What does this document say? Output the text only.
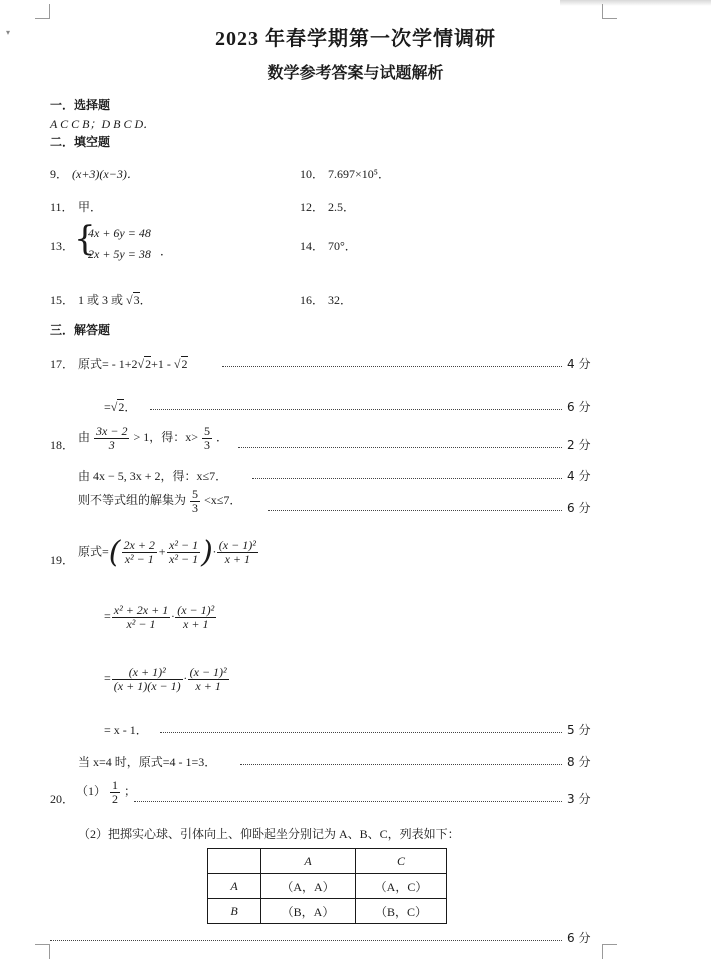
▾	2023 年春学期第一次学情调研
数学参考答案与试题解析
一．选择题
A C C B；D B C D．
二．填空题
9． (x+3)(x−3)．	10． 7.697×10⁵．
11． 甲．	12． 2.5．
13． {
4x + 6y = 48
2x + 5y = 38 ．	14． 70°．
15． 1 或 3 或 √3．	16． 32．
三．解答题
17． 原式= - 1+2√2+1 - √2	4 分
=√2．	6 分
18．
由 $\frac{3x - 2}{3} > 1$，得：$x> \frac{5}{3}$ ．
2 分
由 4x − 5, 3x + 2，得：x≤7．	4 分
则不等式组的解集为 $\frac{5}{3} <x\le 7$．
6 分
19．
原式=( $\frac{2x + 2}{\text{x² − 1}} + \frac{\text{x² − 1}}{\text{x² − 1}}$ )· $\frac{\text{(x − 1)²}}{x + 1}$
= $\frac{\text{x² + 2x + 1}}{\text{x² − 1}} \cdot \frac{\text{(x − 1)²}}{x + 1}$
= $\frac{\text{(x + 1)²}}{(x + 1)(x - 1)} \cdot \frac{\text{(x − 1)²}}{x + 1}$
= x - 1．	5 分
当 x=4 时，原式=4 - 1=3．	8 分
20．
$(1) \frac{1}{2}$ ；
3 分
（2）把掷实心球、引体向上、仰卧起坐分别记为 A、B、C，列表如下：
	A	C
A	（A，A）	（A，C）
B	（B，A）	（B，C）
6 分
